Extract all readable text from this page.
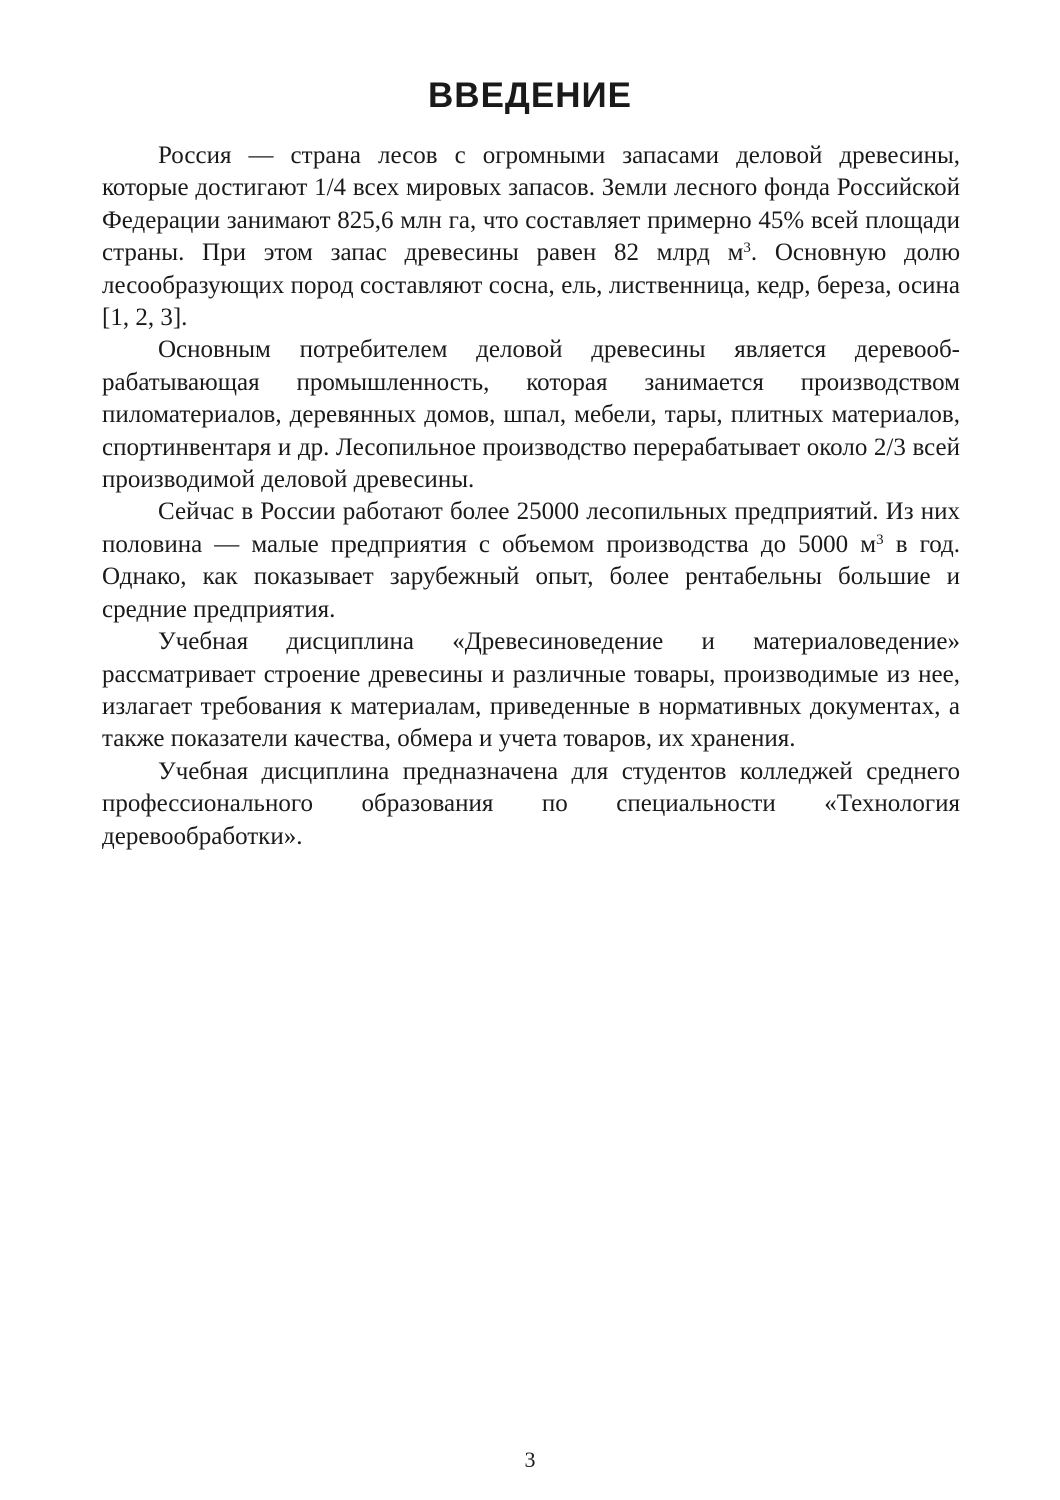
ВВЕДЕНИЕ

Россия — страна лесов с огромными запасами деловой древесины, которые достигают 1/4 всех мировых запасов. Земли лесного фонда Российской Федерации занимают 825,6 млн га, что составляет примерно 45% всей площади страны. При этом запас древесины равен 82 млрд $м^3$. Основную долю лесообразующих пород составляют сосна, ель, лиственница, кедр, береза, осина [1, 2, 3].

Основным потребителем деловой древесины является деревообрабатывающая промышленность, которая занимается производством пиломатериалов, деревянных домов, шпал, мебели, тары, плитных материалов, спортинвентаря и др. Лесопильное производство перерабатывает около 2/3 всей производимой деловой древесины.

Сейчас в России работают более 25000 лесопильных предприятий. Из них половина — малые предприятия с объемом производства до 5000 $м^3$ в год. Однако, как показывает зарубежный опыт, более рентабельны большие и средние предприятия.

Учебная дисциплина «Древесиноведение и материаловедение» рассматривает строение древесины и различные товары, производимые из нее, излагает требования к материалам, приведенные в нормативных документах, а также показатели качества, обмера и учета товаров, их хранения.

Учебная дисциплина предназначена для студентов колледжей среднего профессионального образования по специальности «Технология деревообработки».

3
